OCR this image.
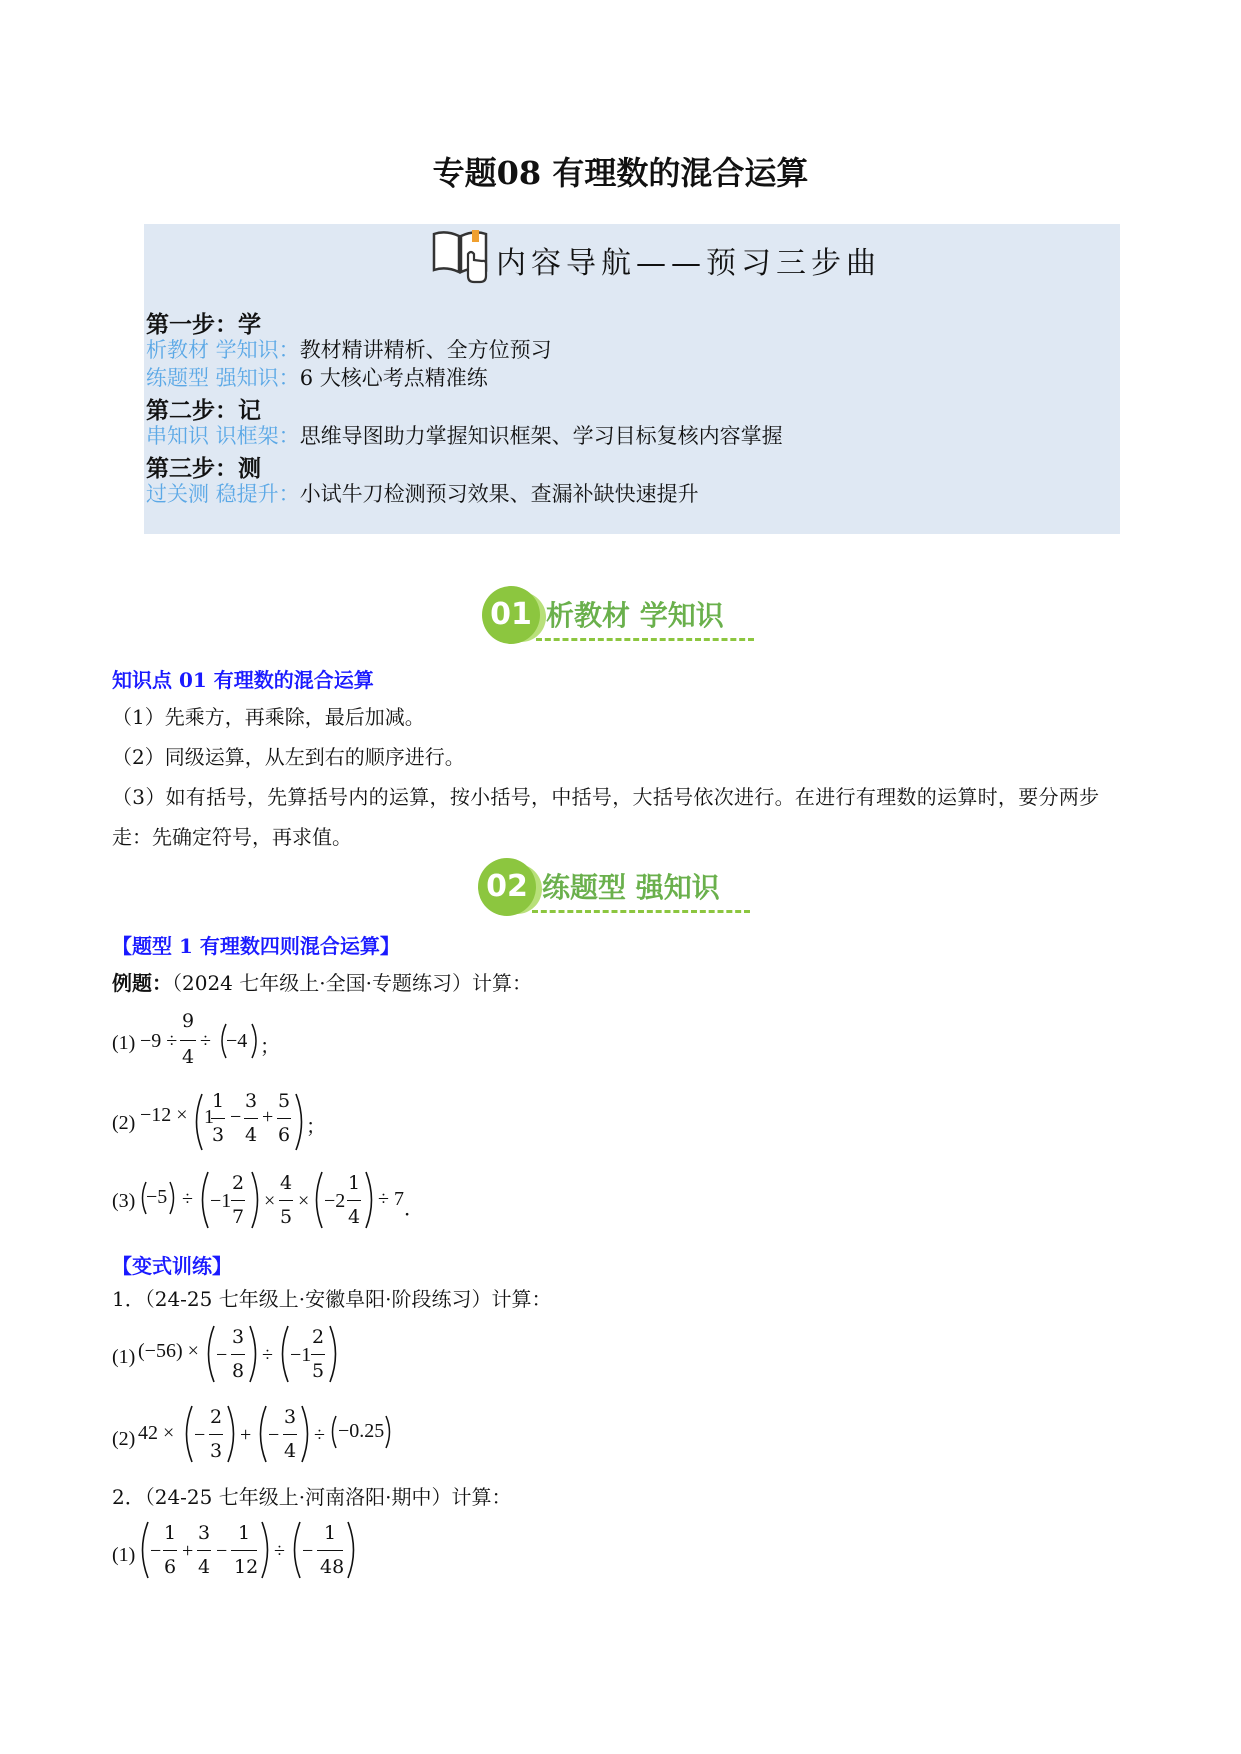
专题08 有理数的混合运算
内容导航——预习三步曲
第一步：学
析教材 学知识：教材精讲精析、全方位预习
练题型 强知识：6 大核心考点精准练
第二步：记
串知识 识框架：思维导图助力掌握知识框架、学习目标复核内容掌握
第三步：测
过关测 稳提升：小试牛刀检测预习效果、查漏补缺快速提升
01 析教材 学知识
知识点 01 有理数的混合运算
（1）先乘方，再乘除，最后加减。
（2）同级运算，从左到右的顺序进行。
（3）如有括号，先算括号内的运算，按小括号，中括号，大括号依次进行。在进行有理数的运算时，要分两步
走：先确定符号，再求值。
02 练题型 强知识
【题型 1 有理数四则混合运算】
例题：（2024 七年级上·全国·专题练习）计算：
(1) −9 ÷
9
4
÷ −4 ；
(2) −12 × 1
1
3
−
3
4
+
5
6 ；
(3) −5 ÷ −1
2
7
×
4
5
× −2
1
4
÷ 7 ．
【变式训练】
1．（24-25 七年级上·安徽阜阳·阶段练习）计算：
(1) (−56) × −
3
8
÷ −1
2
5
(2) 42 × −
2
3
+ −
3
4
÷ −0.25
2．（24-25 七年级上·河南洛阳·期中）计算：
(1) −
1
6
+
3
4
−
1
12
÷ −
1
48
